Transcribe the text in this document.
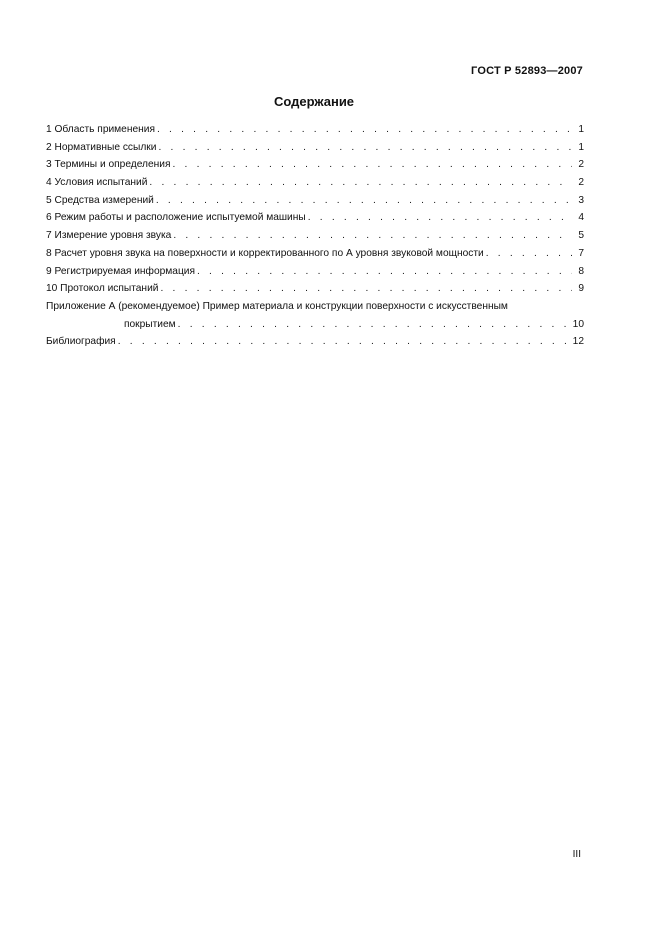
ГОСТ Р 52893—2007
Содержание
1 Область применения . . .	1
2 Нормативные ссылки . . .	1
3 Термины и определения . . .	2
4 Условия испытаний . . .	2
5 Средства измерений . . .	3
6 Режим работы и расположение испытуемой машины . . .	4
7 Измерение уровня звука . . .	5
8 Расчет уровня звука на поверхности и корректированного по А уровня звуковой мощности . . .	7
9 Регистрируемая информация . . .	8
10 Протокол испытаний . . .	9
Приложение А (рекомендуемое) Пример материала и конструкции поверхности с искусственным
покрытием . . .	10
Библиография . . .	12
III
